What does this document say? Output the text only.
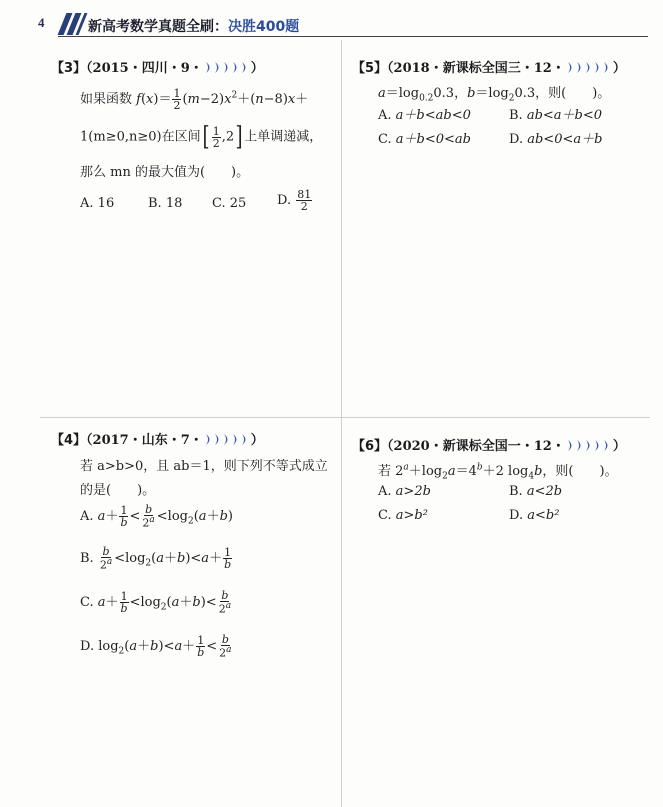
4	新高考数学真题全刷：决胜400题
【3】（2015・四川・9・	）
如果函数 $f(x)= \frac{1}{2} (m-2)x^2+(n-8)x+$
1(m≥0,n≥0)在区间[ $\frac{1}{2} ,2$] 上单调递减，
那么 mn 的最大值为(　　)。
A. 16	B. 18 C. 25 D. $\frac{81}{2}$
【5】（2018・新课标全国三・12・	）
$a=\log_{0.2}0.3$，$b=\log_20.3$，则(　　)。
A. a＋b<ab<0	B. ab<a＋b<0
C. a＋b<0<ab	D. ab<0<a＋b
【4】（2017・山东・7・	）
若 a>b>0，且 ab＝1，则下列不等式成立
的是(　　)。
A. $a+ \frac{1}{b} < \frac{b}{2^a} <\log_2(a+b)$
B. $\frac{b}{2^a} <\log_2(a+b)<a+ \frac{1}{b}$
C. $a+ \frac{1}{b} <\log_2(a+b)< \frac{b}{2^a}$
D. $\log_2(a+b)<a+ \frac{1}{b} < \frac{b}{2^a}$
【6】（2020・新课标全国一・12・	）
若 $2^a+\log_2a=4^b+2$ $\log_4b$，则(　　)。
A. a>2b	B. a<2b
C. a>b²	D. a<b²
